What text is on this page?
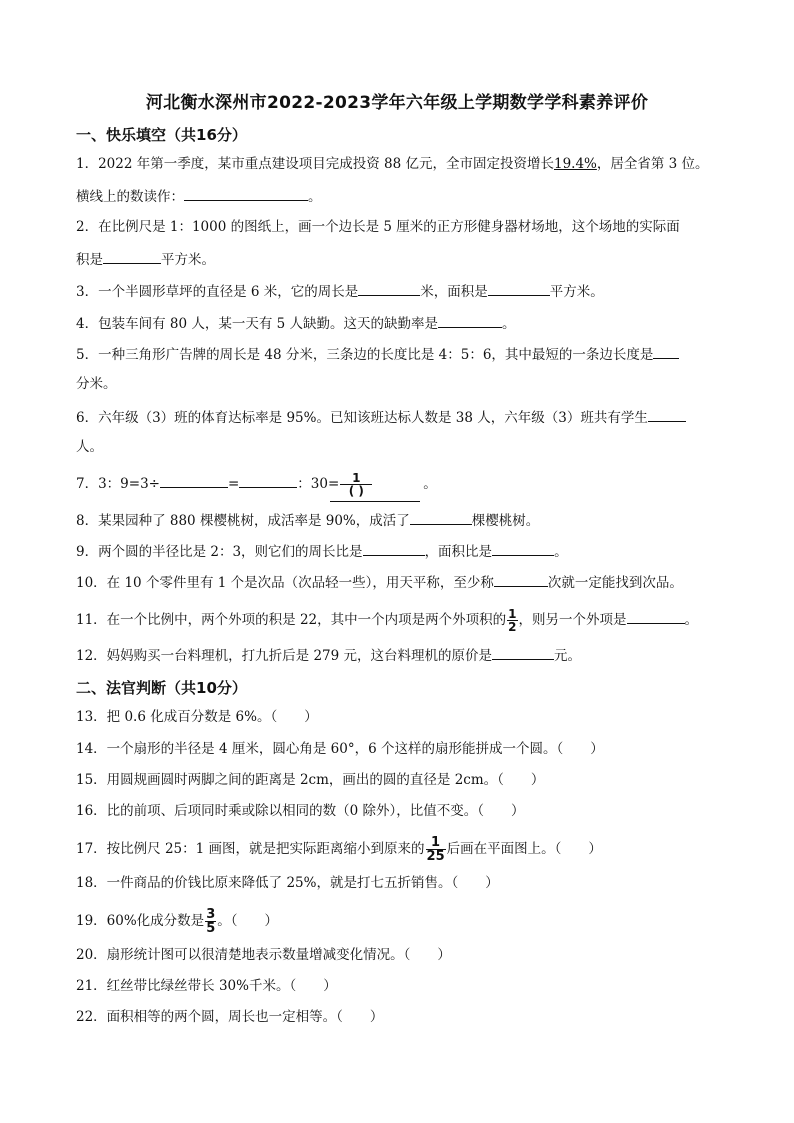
河北衡水深州市2022-2023学年六年级上学期数学学科素养评价
一、快乐填空（共16分）
1．2022 年第一季度，某市重点建设项目完成投资 88 亿元，全市固定投资增长19.4%，居全省第 3 位。
横线上的数读作：	。
2．在比例尺是 1：1000 的图纸上，画一个边长是 5 厘米的正方形健身器材场地，这个场地的实际面
积是	平方米。
3．一个半圆形草坪的直径是 6 米，它的周长是	米，面积是	平方米。
4．包装车间有 80 人，某一天有 5 人缺勤。这天的缺勤率是	。
5．一种三角形广告牌的周长是 48 分米，三条边的长度比是 4：5：6，其中最短的一条边长度是
分米。
6．六年级（3）班的体育达标率是 95%。已知该班达标人数是 38 人，六年级（3）班共有学生
人。
7．3：9=3÷	=	：$30= \frac{1}{( )}$	。
8．某果园种了 880 棵樱桃树，成活率是 90%，成活了	棵樱桃树。
9．两个圆的半径比是 2：3，则它们的周长比是	，面积比是	。
10．在 10 个零件里有 1 个是次品（次品轻一些），用天平称，至少称	次就一定能找到次品。
11．在一个比例中，两个外项的积是 22，其中一个内项是两个外项积的 $\frac{1}{2}$ ，则另一个外项是	。
12．妈妈购买一台料理机，打九折后是 279 元，这台料理机的原价是	元。
二、法官判断（共10分）
13．把 0.6 化成百分数是 6%。（　　）
14．一个扇形的半径是 4 厘米，圆心角是 60°，6 个这样的扇形能拼成一个圆。（　　）
15．用圆规画圆时两脚之间的距离是 2cm，画出的圆的直径是 2cm。（　　）
16．比的前项、后项同时乘或除以相同的数（0 除外），比值不变。（　　）
17．按比例尺 25：1 画图，就是把实际距离缩小到原来的 $\frac{1}{25}$ 后画在平面图上。（　　）
18．一件商品的价钱比原来降低了 25%，就是打七五折销售。（　　）
19．60%化成分数是 $\frac{3}{5}$ 。（　　）
20．扇形统计图可以很清楚地表示数量增减变化情况。（　　）
21．红丝带比绿丝带长 30%千米。（　　）
22．面积相等的两个圆，周长也一定相等。（　　）
